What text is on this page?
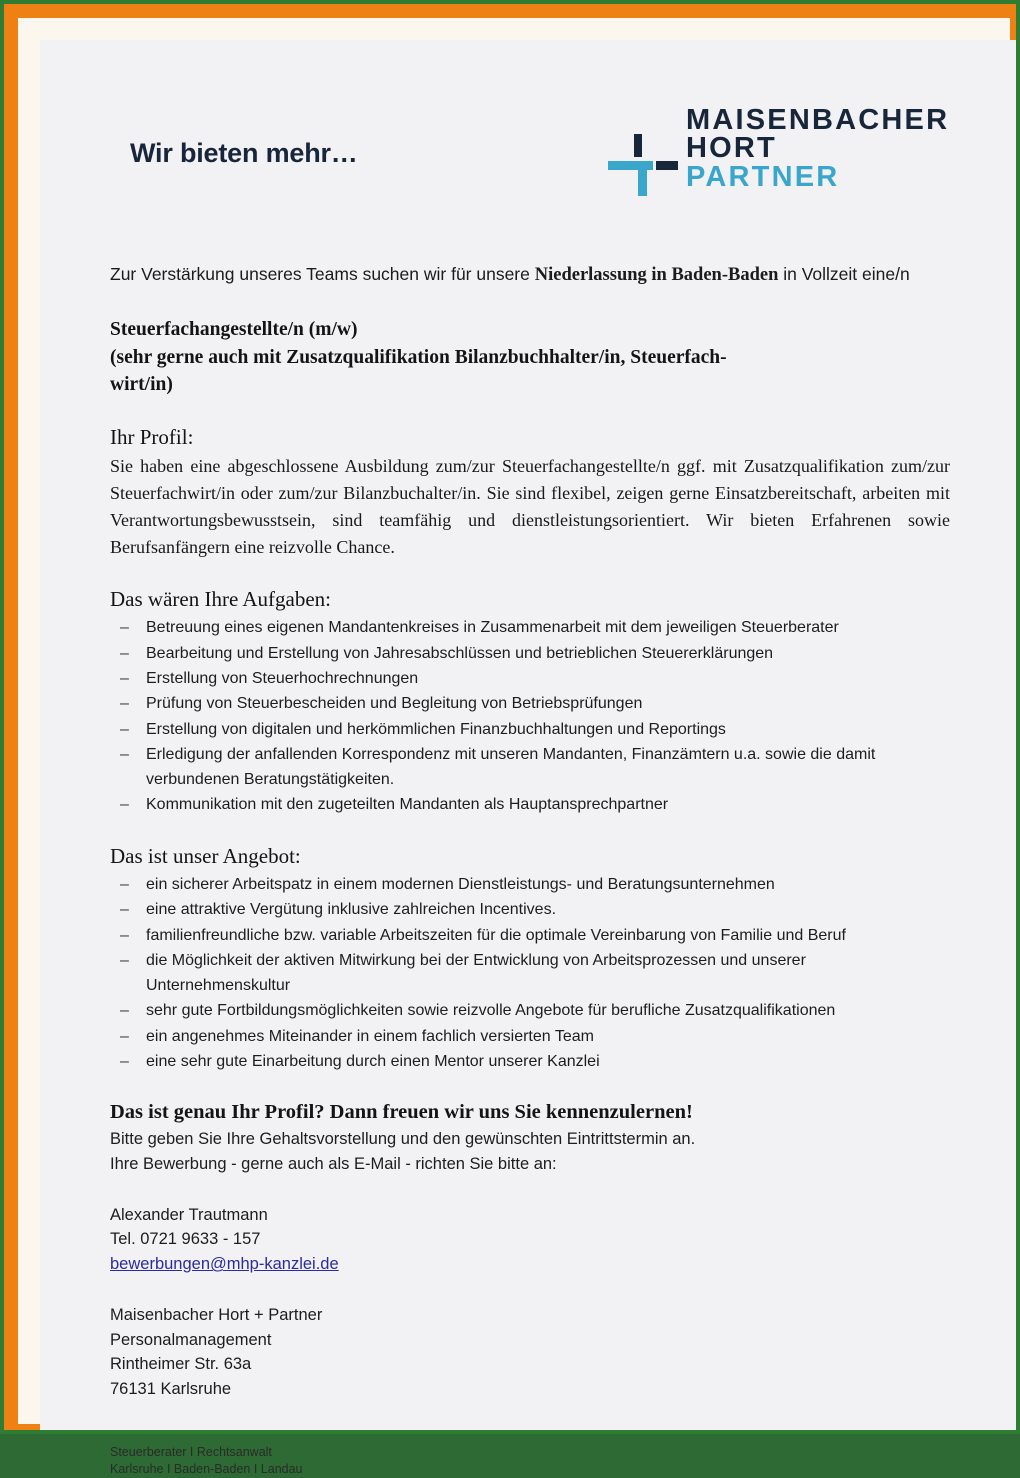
Wir bieten mehr…
MAISENBACHER
HORT
PARTNER
Zur Verstärkung unseres Teams suchen wir für unsere Niederlassung in Baden-Baden in Vollzeit eine/n
Steuerfachangestellte/n (m/w)
(sehr gerne auch mit Zusatzqualifikation Bilanzbuchhalter/in, Steuerfach-
wirt/in)
Ihr Profil:
Sie haben eine abgeschlossene Ausbildung zum/zur Steuerfachangestellte/n ggf. mit Zusatzqualifikation zum/zur Steuerfachwirt/in oder zum/zur Bilanzbuchalter/in. Sie sind flexibel, zeigen gerne Einsatzbereitschaft, arbeiten mit Verantwortungsbewusstsein, sind teamfähig und dienstleistungsorientiert. Wir bieten Erfahrenen sowie Berufsanfängern eine reizvolle Chance.
Das wären Ihre Aufgaben:
– Betreuung eines eigenen Mandantenkreises in Zusammenarbeit mit dem jeweiligen Steuerberater
– Bearbeitung und Erstellung von Jahresabschlüssen und betrieblichen Steuererklärungen
– Erstellung von Steuerhochrechnungen
– Prüfung von Steuerbescheiden und Begleitung von Betriebsprüfungen
– Erstellung von digitalen und herkömmlichen Finanzbuchhaltungen und Reportings
– Erledigung der anfallenden Korrespondenz mit unseren Mandanten, Finanzämtern u.a. sowie die damit verbundenen Beratungstätigkeiten.
– Kommunikation mit den zugeteilten Mandanten als Hauptansprechpartner
Das ist unser Angebot:
– ein sicherer Arbeitspatz in einem modernen Dienstleistungs- und Beratungsunternehmen
– eine attraktive Vergütung inklusive zahlreichen Incentives.
– familienfreundliche bzw. variable Arbeitszeiten für die optimale Vereinbarung von Familie und Beruf
– die Möglichkeit der aktiven Mitwirkung bei der Entwicklung von Arbeitsprozessen und unserer Unternehmenskultur
– sehr gute Fortbildungsmöglichkeiten sowie reizvolle Angebote für berufliche Zusatzqualifikationen
– ein angenehmes Miteinander in einem fachlich versierten Team
– eine sehr gute Einarbeitung durch einen Mentor unserer Kanzlei
Das ist genau Ihr Profil? Dann freuen wir uns Sie kennenzulernen!
Bitte geben Sie Ihre Gehaltsvorstellung und den gewünschten Eintrittstermin an.
Ihre Bewerbung - gerne auch als E-Mail - richten Sie bitte an:
Alexander Trautmann
Tel. 0721 9633 - 157
bewerbungen@mhp-kanzlei.de
Maisenbacher Hort + Partner
Personalmanagement
Rintheimer Str. 63a
76131 Karlsruhe
Steuerberater I Rechtsanwalt
Karlsruhe I Baden-Baden I Landau
